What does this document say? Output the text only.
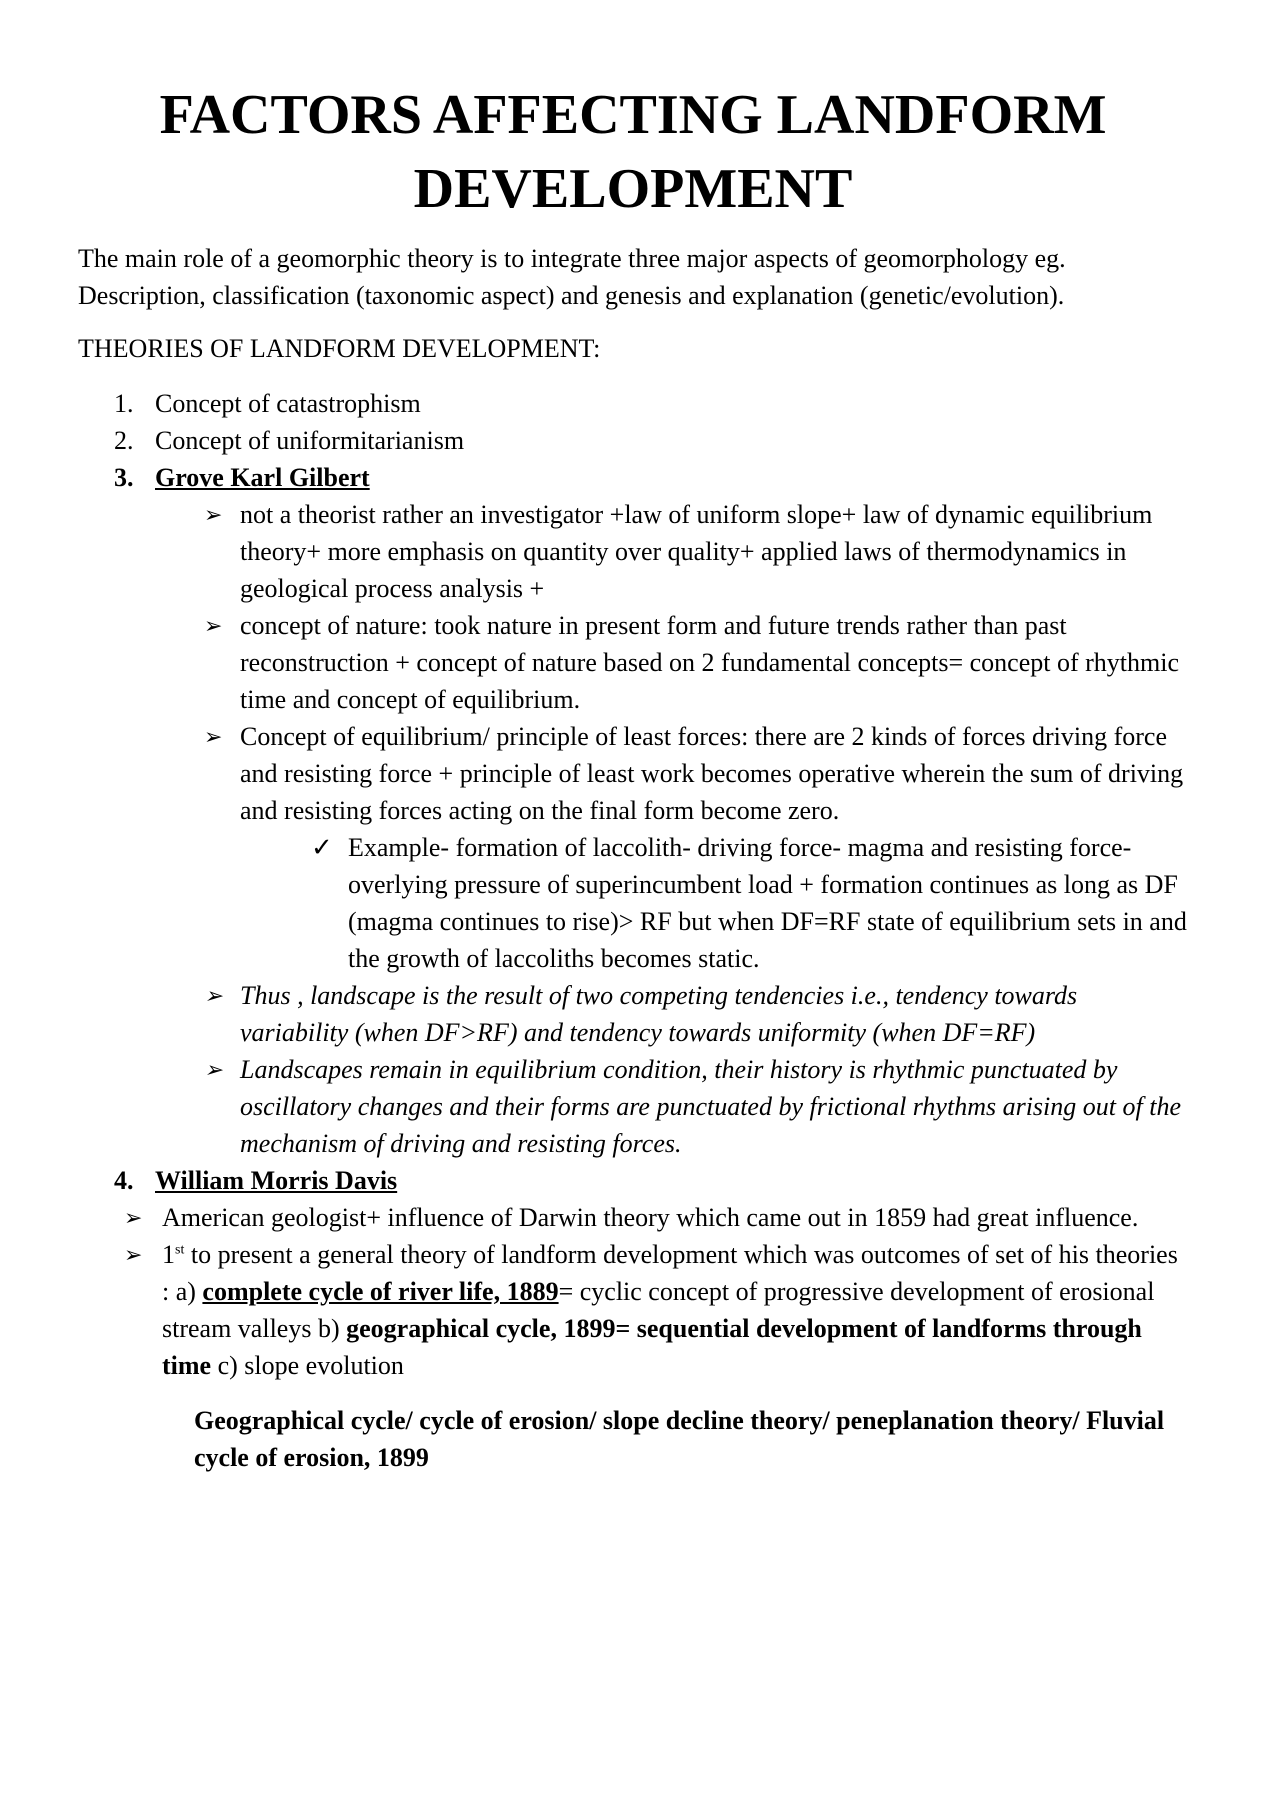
FACTORS AFFECTING LANDFORM DEVELOPMENT

The main role of a geomorphic theory is to integrate three major aspects of geomorphology eg. Description, classification (taxonomic aspect) and genesis and explanation (genetic/evolution).

THEORIES OF LANDFORM DEVELOPMENT:

1. Concept of catastrophism
2. Concept of uniformitarianism
3. Grove Karl Gilbert
➢ not a theorist rather an investigator +law of uniform slope+ law of dynamic equilibrium theory+ more emphasis on quantity over quality+ applied laws of thermodynamics in geological process analysis +
➢ concept of nature: took nature in present form and future trends rather than past reconstruction + concept of nature based on 2 fundamental concepts= concept of rhythmic time and concept of equilibrium.
➢ Concept of equilibrium/ principle of least forces: there are 2 kinds of forces driving force and resisting force + principle of least work becomes operative wherein the sum of driving and resisting forces acting on the final form become zero.
✓ Example- formation of laccolith- driving force- magma and resisting force- overlying pressure of superincumbent load + formation continues as long as DF (magma continues to rise)> RF but when DF=RF state of equilibrium sets in and the growth of laccoliths becomes static.
➢ Thus , landscape is the result of two competing tendencies i.e., tendency towards variability (when DF>RF) and tendency towards uniformity (when DF=RF)
➢ Landscapes remain in equilibrium condition, their history is rhythmic punctuated by oscillatory changes and their forms are punctuated by frictional rhythms arising out of the mechanism of driving and resisting forces.
4. William Morris Davis
➢ American geologist+ influence of Darwin theory which came out in 1859 had great influence.
➢ 1st to present a general theory of landform development which was outcomes of set of his theories : a) complete cycle of river life, 1889= cyclic concept of progressive development of erosional stream valleys b) geographical cycle, 1899= sequential development of landforms through time c) slope evolution

Geographical cycle/ cycle of erosion/ slope decline theory/ peneplanation theory/ Fluvial cycle of erosion, 1899
